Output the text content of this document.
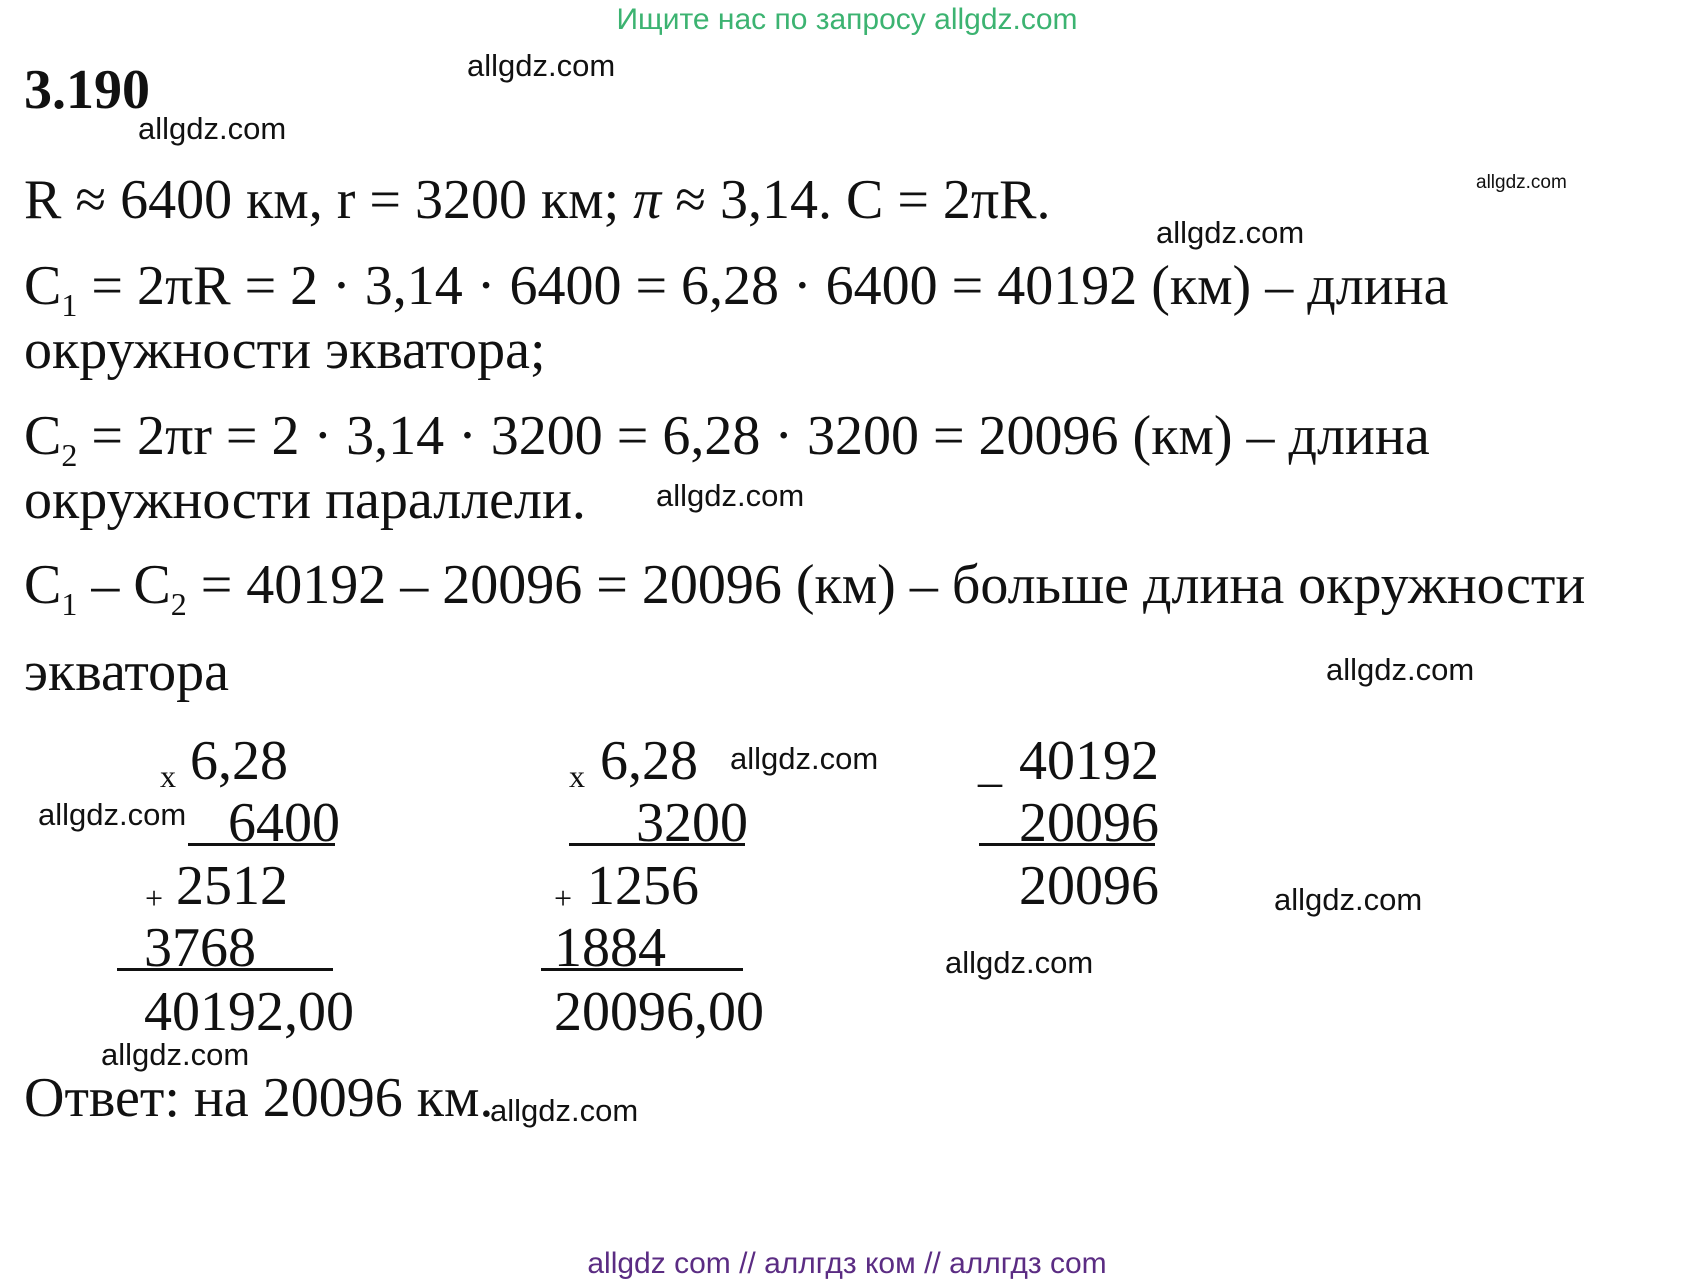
Ищите нас по запросу allgdz.com
allgdz com // аллгдз ком // аллгдз com
3.190
R ≈ 6400 км, r = 3200 км; π ≈ 3,14. C = 2πR.
$C_1 = 2\pi R = 2 \cdot 3,14 \cdot 6400 = 6,28 \cdot 6400 = 40192$ (км) – длина
окружности экватора;
$C_2 = 2\pi r = 2 \cdot 3,14 \cdot 3200 = 6,28 \cdot 3200 = 20096$ (км) – длина
окружности параллели.
$C_1 - C_2 = 40192 - 20096 = 20096$ (км) – больше длина окружности
экватора
x 6,28
6400
+ 2512
3768
40192,00
x 6,28
3200
+ 1256
1884
20096,00
_ 40192
20096
20096
Ответ: на 20096 км.
allgdz.com
allgdz.com
allgdz.com
allgdz.com
allgdz.com
allgdz.com
allgdz.com
allgdz.com
allgdz.com
allgdz.com
allgdz.com
allgdz.com
